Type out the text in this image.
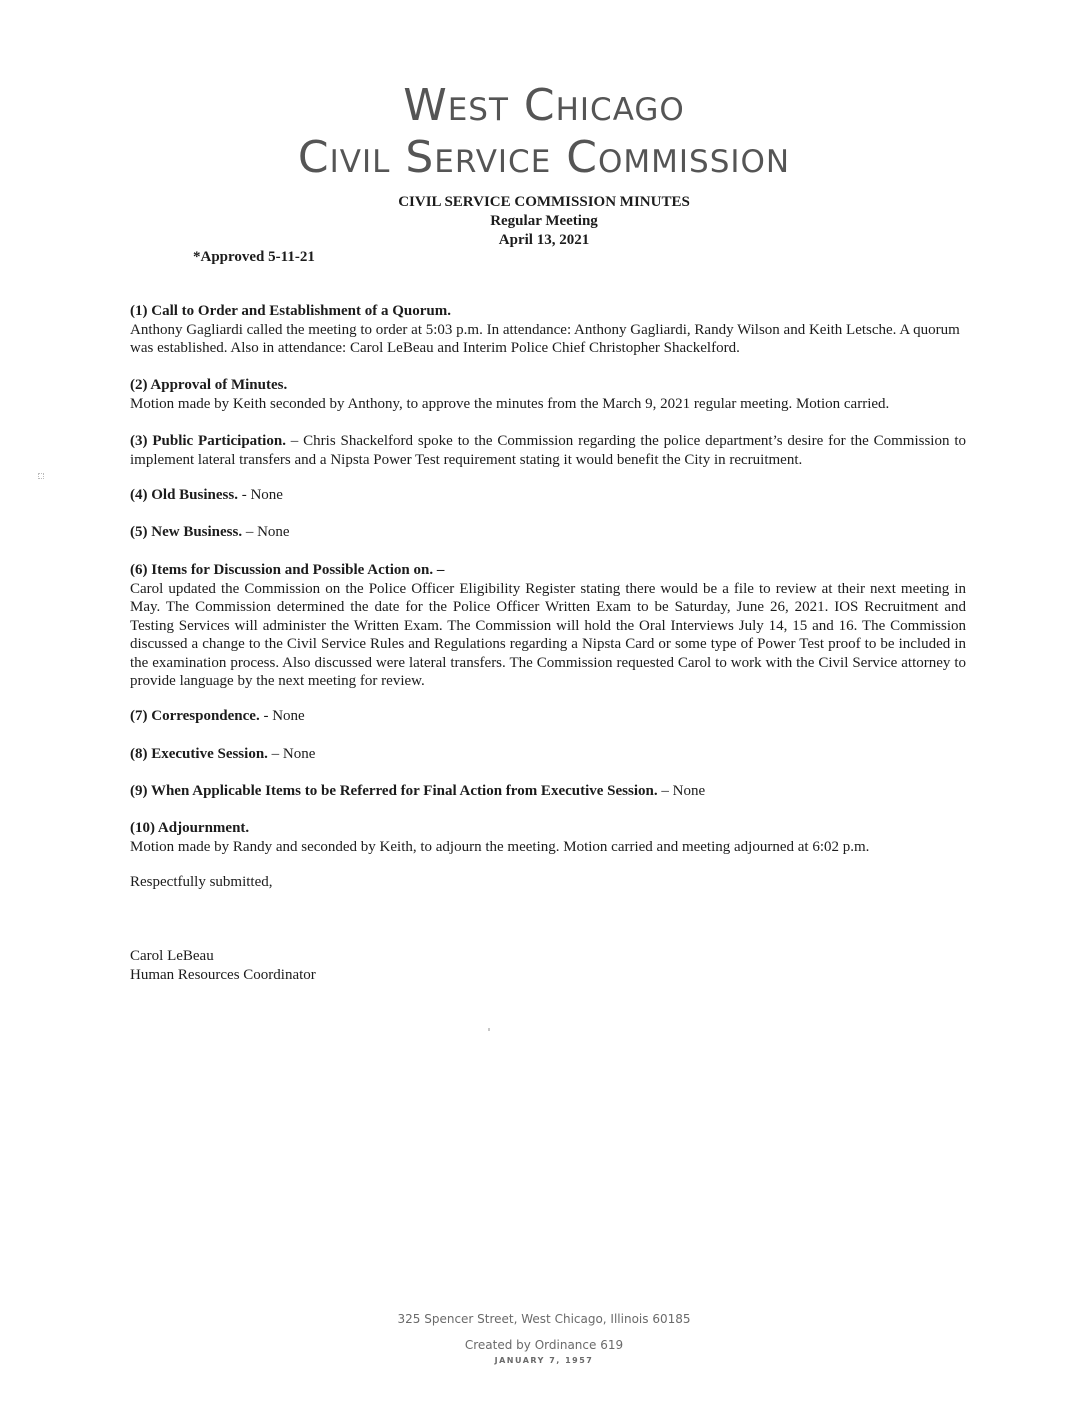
West Chicago
Civil Service Commission
CIVIL SERVICE COMMISSION MINUTES
Regular Meeting
April 13, 2021
*Approved 5-11-21
(1) Call to Order and Establishment of a Quorum.
Anthony Gagliardi called the meeting to order at 5:03 p.m. In attendance: Anthony Gagliardi, Randy Wilson and Keith Letsche. A quorum was established. Also in attendance: Carol LeBeau and Interim Police Chief Christopher Shackelford.
(2) Approval of Minutes.
Motion made by Keith seconded by Anthony, to approve the minutes from the March 9, 2021 regular meeting. Motion carried.
(3) Public Participation. – Chris Shackelford spoke to the Commission regarding the police department’s desire for the Commission to implement lateral transfers and a Nipsta Power Test requirement stating it would benefit the City in recruitment.
(4) Old Business. - None
(5) New Business. – None
(6) Items for Discussion and Possible Action on. –
Carol updated the Commission on the Police Officer Eligibility Register stating there would be a file to review at their next meeting in May. The Commission determined the date for the Police Officer Written Exam to be Saturday, June 26, 2021. IOS Recruitment and Testing Services will administer the Written Exam. The Commission will hold the Oral Interviews July 14, 15 and 16. The Commission discussed a change to the Civil Service Rules and Regulations regarding a Nipsta Card or some type of Power Test proof to be included in the examination process. Also discussed were lateral transfers. The Commission requested Carol to work with the Civil Service attorney to provide language by the next meeting for review.
(7) Correspondence. - None
(8) Executive Session. – None
(9) When Applicable Items to be Referred for Final Action from Executive Session. – None
(10) Adjournment.
Motion made by Randy and seconded by Keith, to adjourn the meeting. Motion carried and meeting adjourned at 6:02 p.m.
Respectfully submitted,
Carol LeBeau
Human Resources Coordinator
325 Spencer Street, West Chicago, Illinois 60185
Created by Ordinance 619
JANUARY 7, 1957
